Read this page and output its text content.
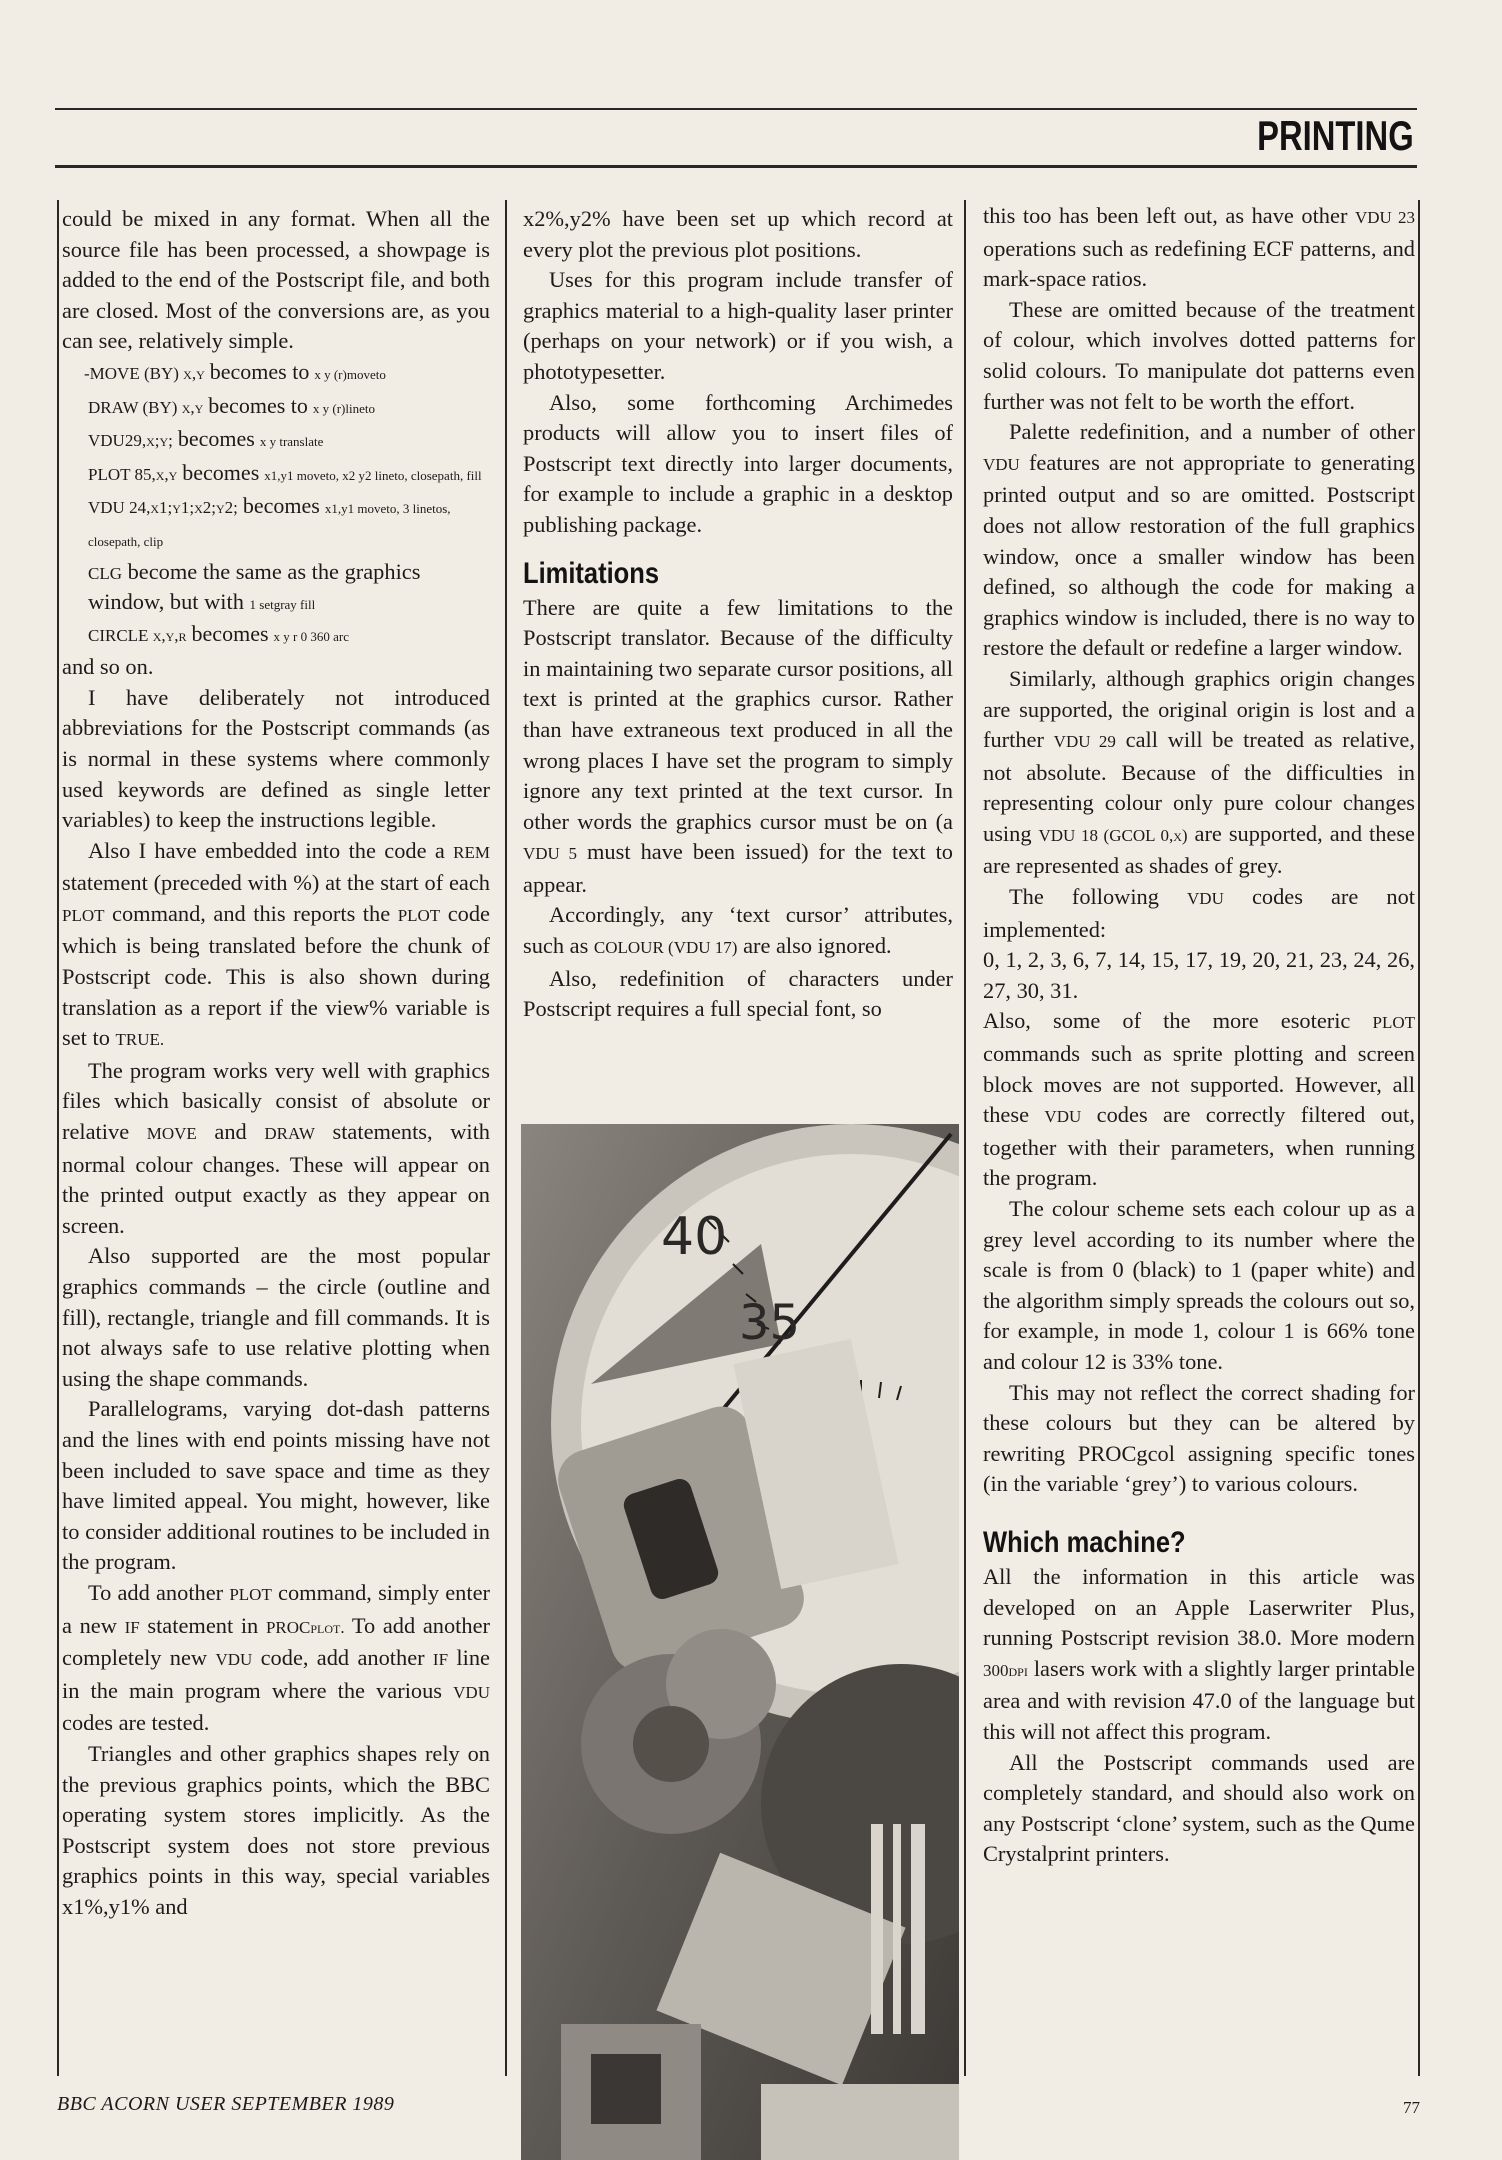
PRINTING

could be mixed in any format. When all the source file has been processed, a showpage is added to the end of the Postscript file, and both are closed. Most of the conversions are, as you can see, relatively simple.

-MOVE (BY) x,y becomes to x y (r)moveto
DRAW (BY) x,y becomes to x y (r)lineto
VDU29,x;y; becomes x y translate
PLOT 85,x,y becomes x1,y1 moveto, x2 y2 lineto, closepath, fill
VDU 24,x1;y1;x2;y2; becomes x1,y1 moveto, 3 linetos, closepath, clip
CLG become the same as the graphics window, but with 1 setgray fill
CIRCLE x,y,r becomes x y r 0 360 arc

and so on.

I have deliberately not introduced abbreviations for the Postscript commands (as is normal in these systems where commonly used keywords are defined as single letter variables) to keep the instructions legible.

Also I have embedded into the code a REM statement (preceded with %) at the start of each PLOT command, and this reports the PLOT code which is being translated before the chunk of Postscript code. This is also shown during translation as a report if the view% variable is set to TRUE.

The program works very well with graphics files which basically consist of absolute or relative MOVE and DRAW statements, with normal colour changes. These will appear on the printed output exactly as they appear on screen.

Also supported are the most popular graphics commands – the circle (outline and fill), rectangle, triangle and fill commands. It is not always safe to use relative plotting when using the shape commands.

Parallelograms, varying dot-dash patterns and the lines with end points missing have not been included to save space and time as they have limited appeal. You might, however, like to consider additional routines to be included in the program.

To add another PLOT command, simply enter a new IF statement in PROCplot. To add another completely new VDU code, add another IF line in the main program where the various VDU codes are tested.

Triangles and other graphics shapes rely on the previous graphics points, which the BBC operating system stores implicitly. As the Postscript system does not store previous graphics points in this way, special variables x1%,y1% and

x2%,y2% have been set up which record at every plot the previous plot positions.

Uses for this program include transfer of graphics material to a high-quality laser printer (perhaps on your network) or if you wish, a phototypesetter.

Also, some forthcoming Archimedes products will allow you to insert files of Postscript text directly into larger documents, for example to include a graphic in a desktop publishing package.

Limitations

There are quite a few limitations to the Postscript translator. Because of the difficulty in maintaining two separate cursor positions, all text is printed at the graphics cursor. Rather than have extraneous text produced in all the wrong places I have set the program to simply ignore any text printed at the text cursor. In other words the graphics cursor must be on (a VDU 5 must have been issued) for the text to appear.

Accordingly, any ‘text cursor’ attributes, such as COLOUR (VDU 17) are also ignored.

Also, redefinition of characters under Postscript requires a full special font, so

40
35

this too has been left out, as have other VDU 23 operations such as redefining ECF patterns, and mark-space ratios.

These are omitted because of the treatment of colour, which involves dotted patterns for solid colours. To manipulate dot patterns even further was not felt to be worth the effort.

Palette redefinition, and a number of other VDU features are not appropriate to generating printed output and so are omitted. Postscript does not allow restoration of the full graphics window, once a smaller window has been defined, so although the code for making a graphics window is included, there is no way to restore the default or redefine a larger window.

Similarly, although graphics origin changes are supported, the original origin is lost and a further VDU 29 call will be treated as relative, not absolute. Because of the difficulties in representing colour only pure colour changes using VDU 18 (GCOL 0,x) are supported, and these are represented as shades of grey.

The following VDU codes are not implemented:

0, 1, 2, 3, 6, 7, 14, 15, 17, 19, 20, 21, 23, 24, 26, 27, 30, 31.

Also, some of the more esoteric PLOT commands such as sprite plotting and screen block moves are not supported. However, all these VDU codes are correctly filtered out, together with their parameters, when running the program.

The colour scheme sets each colour up as a grey level according to its number where the scale is from 0 (black) to 1 (paper white) and the algorithm simply spreads the colours out so, for example, in mode 1, colour 1 is 66% tone and colour 12 is 33% tone.

This may not reflect the correct shading for these colours but they can be altered by rewriting PROCgcol assigning specific tones (in the variable ‘grey’) to various colours.

Which machine?

All the information in this article was developed on an Apple Laserwriter Plus, running Postscript revision 38.0. More modern 300dpi lasers work with a slightly larger printable area and with revision 47.0 of the language but this will not affect this program.

All the Postscript commands used are completely standard, and should also work on any Postscript ‘clone’ system, such as the Qume Crystalprint printers.

BBC ACORN USER SEPTEMBER 1989	77
